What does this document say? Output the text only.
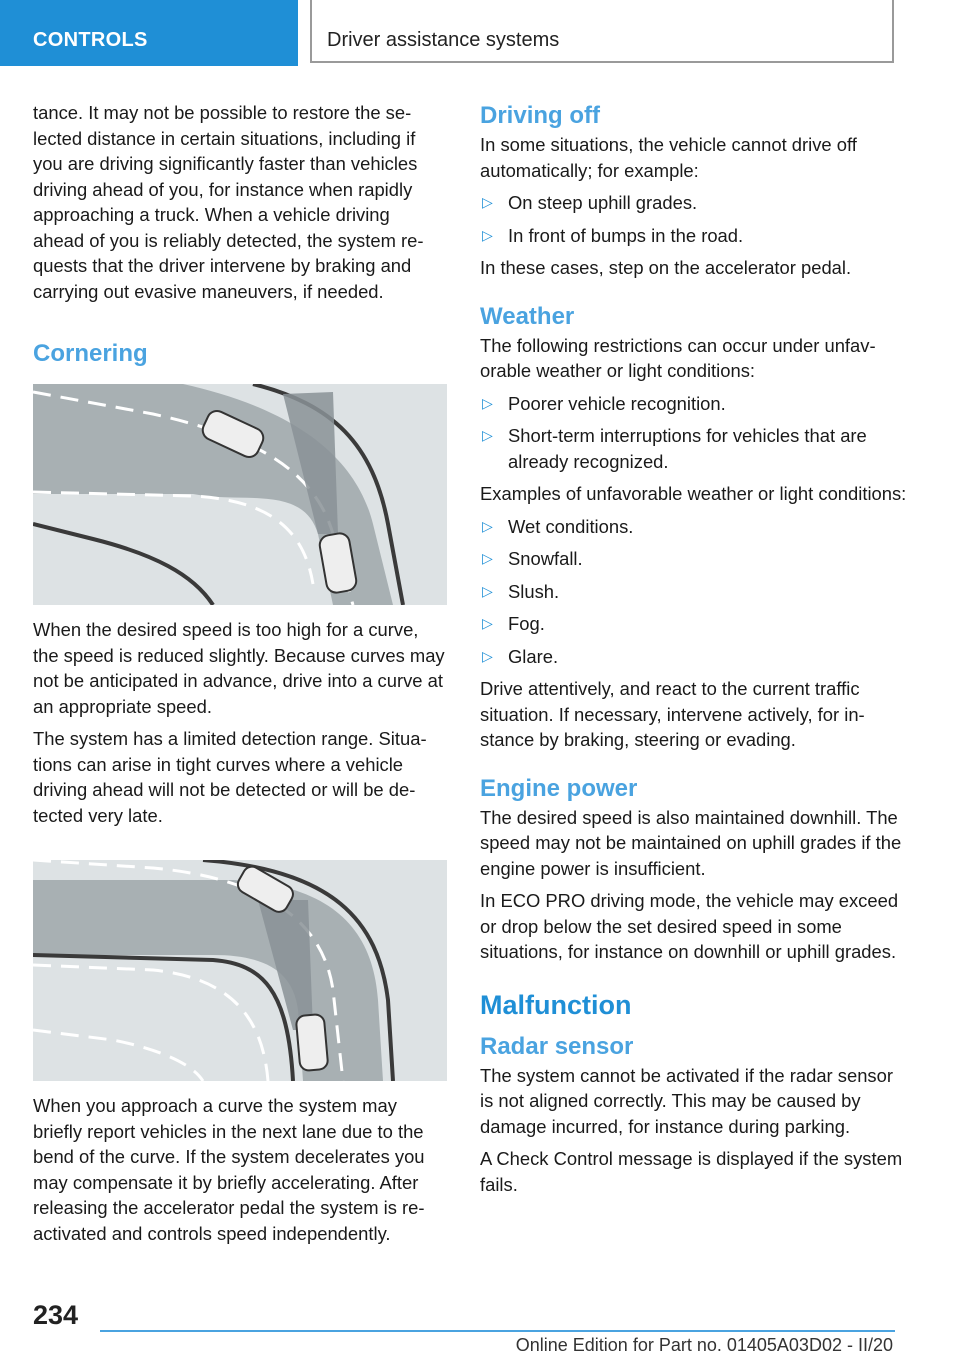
CONTROLS	Driver assistance systems

tance. It may not be possible to restore the selected distance in certain situations, including if you are driving significantly faster than vehicles driving ahead of you, for instance when rapidly approaching a truck. When a vehicle driving ahead of you is reliably detected, the system requests that the driver intervene by braking and carrying out evasive maneuvers, if needed.

Cornering

When the desired speed is too high for a curve, the speed is reduced slightly. Because curves may not be anticipated in advance, drive into a curve at an appropriate speed.

The system has a limited detection range. Situations can arise in tight curves where a vehicle driving ahead will not be detected or will be detected very late.

When you approach a curve the system may briefly report vehicles in the next lane due to the bend of the curve. If the system decelerates you may compensate it by briefly accelerating. After releasing the accelerator pedal the system is reactivated and controls speed independently.

Driving off

In some situations, the vehicle cannot drive off automatically; for example:

▷ On steep uphill grades.
▷ In front of bumps in the road.

In these cases, step on the accelerator pedal.

Weather

The following restrictions can occur under unfavorable weather or light conditions:

▷ Poorer vehicle recognition.
▷ Short-term interruptions for vehicles that are already recognized.

Examples of unfavorable weather or light conditions:

▷ Wet conditions.
▷ Snowfall.
▷ Slush.
▷ Fog.
▷ Glare.

Drive attentively, and react to the current traffic situation. If necessary, intervene actively, for instance by braking, steering or evading.

Engine power

The desired speed is also maintained downhill. The speed may not be maintained on uphill grades if the engine power is insufficient.

In ECO PRO driving mode, the vehicle may exceed or drop below the set desired speed in some situations, for instance on downhill or uphill grades.

Malfunction
Radar sensor

The system cannot be activated if the radar sensor is not aligned correctly. This may be caused by damage incurred, for instance during parking.

A Check Control message is displayed if the system fails.

234
Online Edition for Part no. 01405A03D02 - II/20
